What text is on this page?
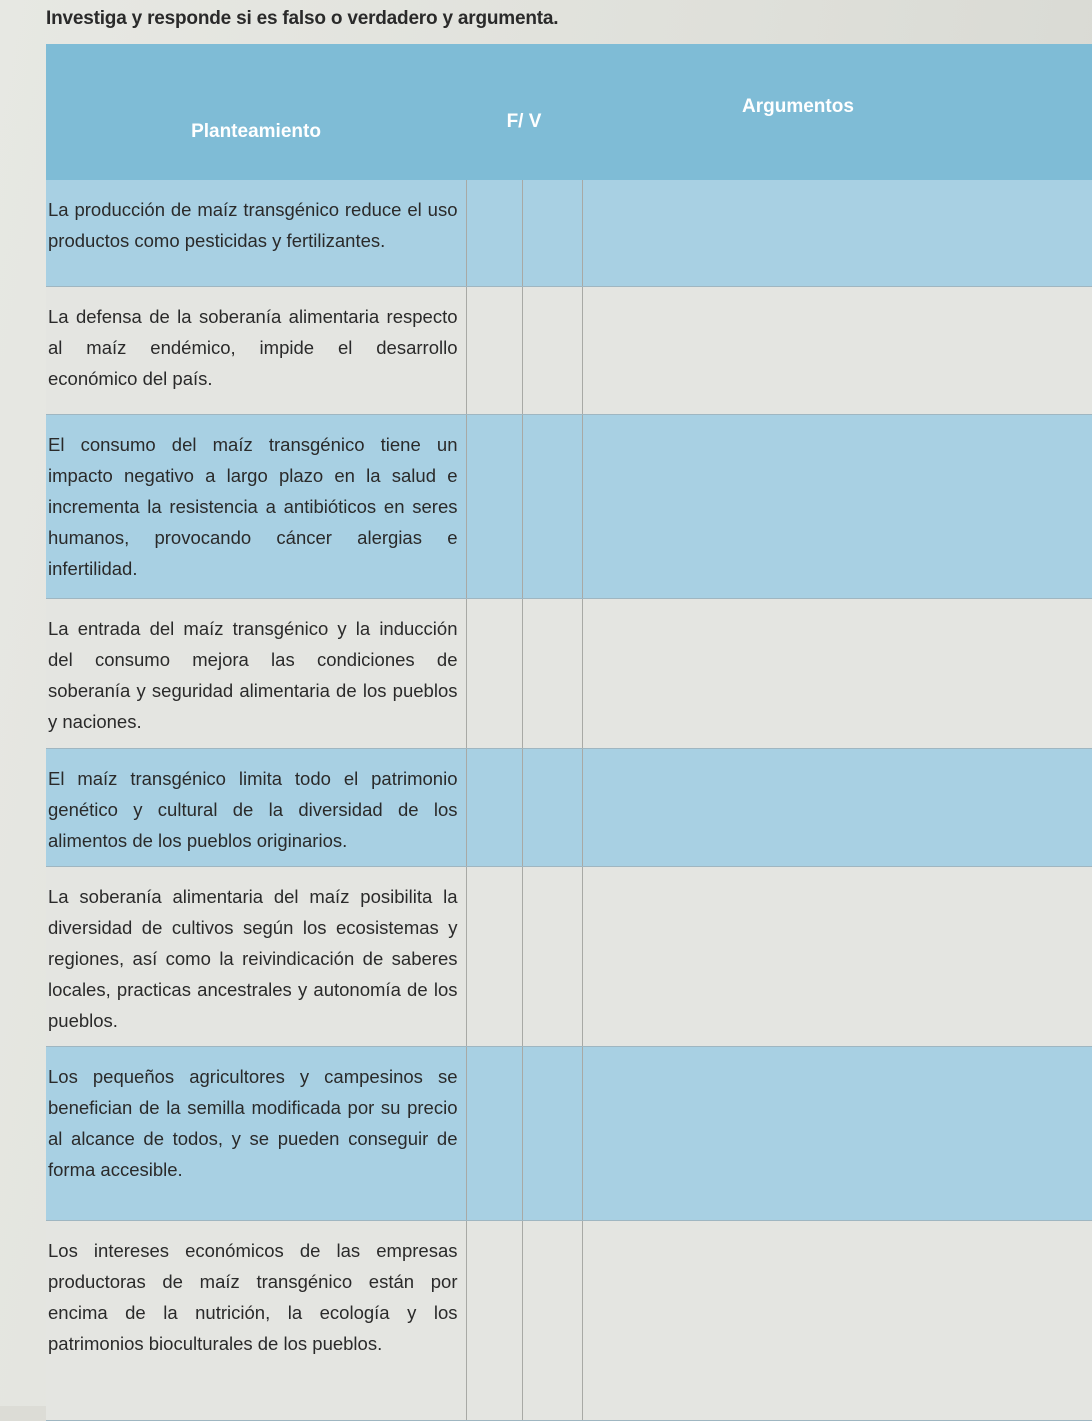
Investiga y responde si es falso o verdadero y argumenta.
Planteamiento	F/ V		Argumentos
La producción de maíz transgénico reduce el uso productos como pesticidas y fertilizantes.			
La defensa de la soberanía alimentaria respecto al maíz endémico, impide el desarrollo económico del país.			
El consumo del maíz transgénico tiene un impacto negativo a largo plazo en la salud e incrementa la resistencia a antibióticos en seres humanos, provocando cáncer alergias e infertilidad.			
La entrada del maíz transgénico y la inducción del consumo mejora las condiciones de soberanía y seguridad alimentaria de los pueblos y naciones.			
El maíz transgénico limita todo el patrimonio genético y cultural de la diversidad de los alimentos de los pueblos originarios.			
La soberanía alimentaria del maíz posibilita la diversidad de cultivos según los ecosistemas y regiones, así como la reivindicación de saberes locales, practicas ancestrales y autonomía de los pueblos.			
Los pequeños agricultores y campesinos se benefician de la semilla modificada por su precio al alcance de todos, y se pueden conseguir de forma accesible.			
Los intereses económicos de las empresas productoras de maíz transgénico están por encima de la nutrición, la ecología y los patrimonios bioculturales de los pueblos.			
